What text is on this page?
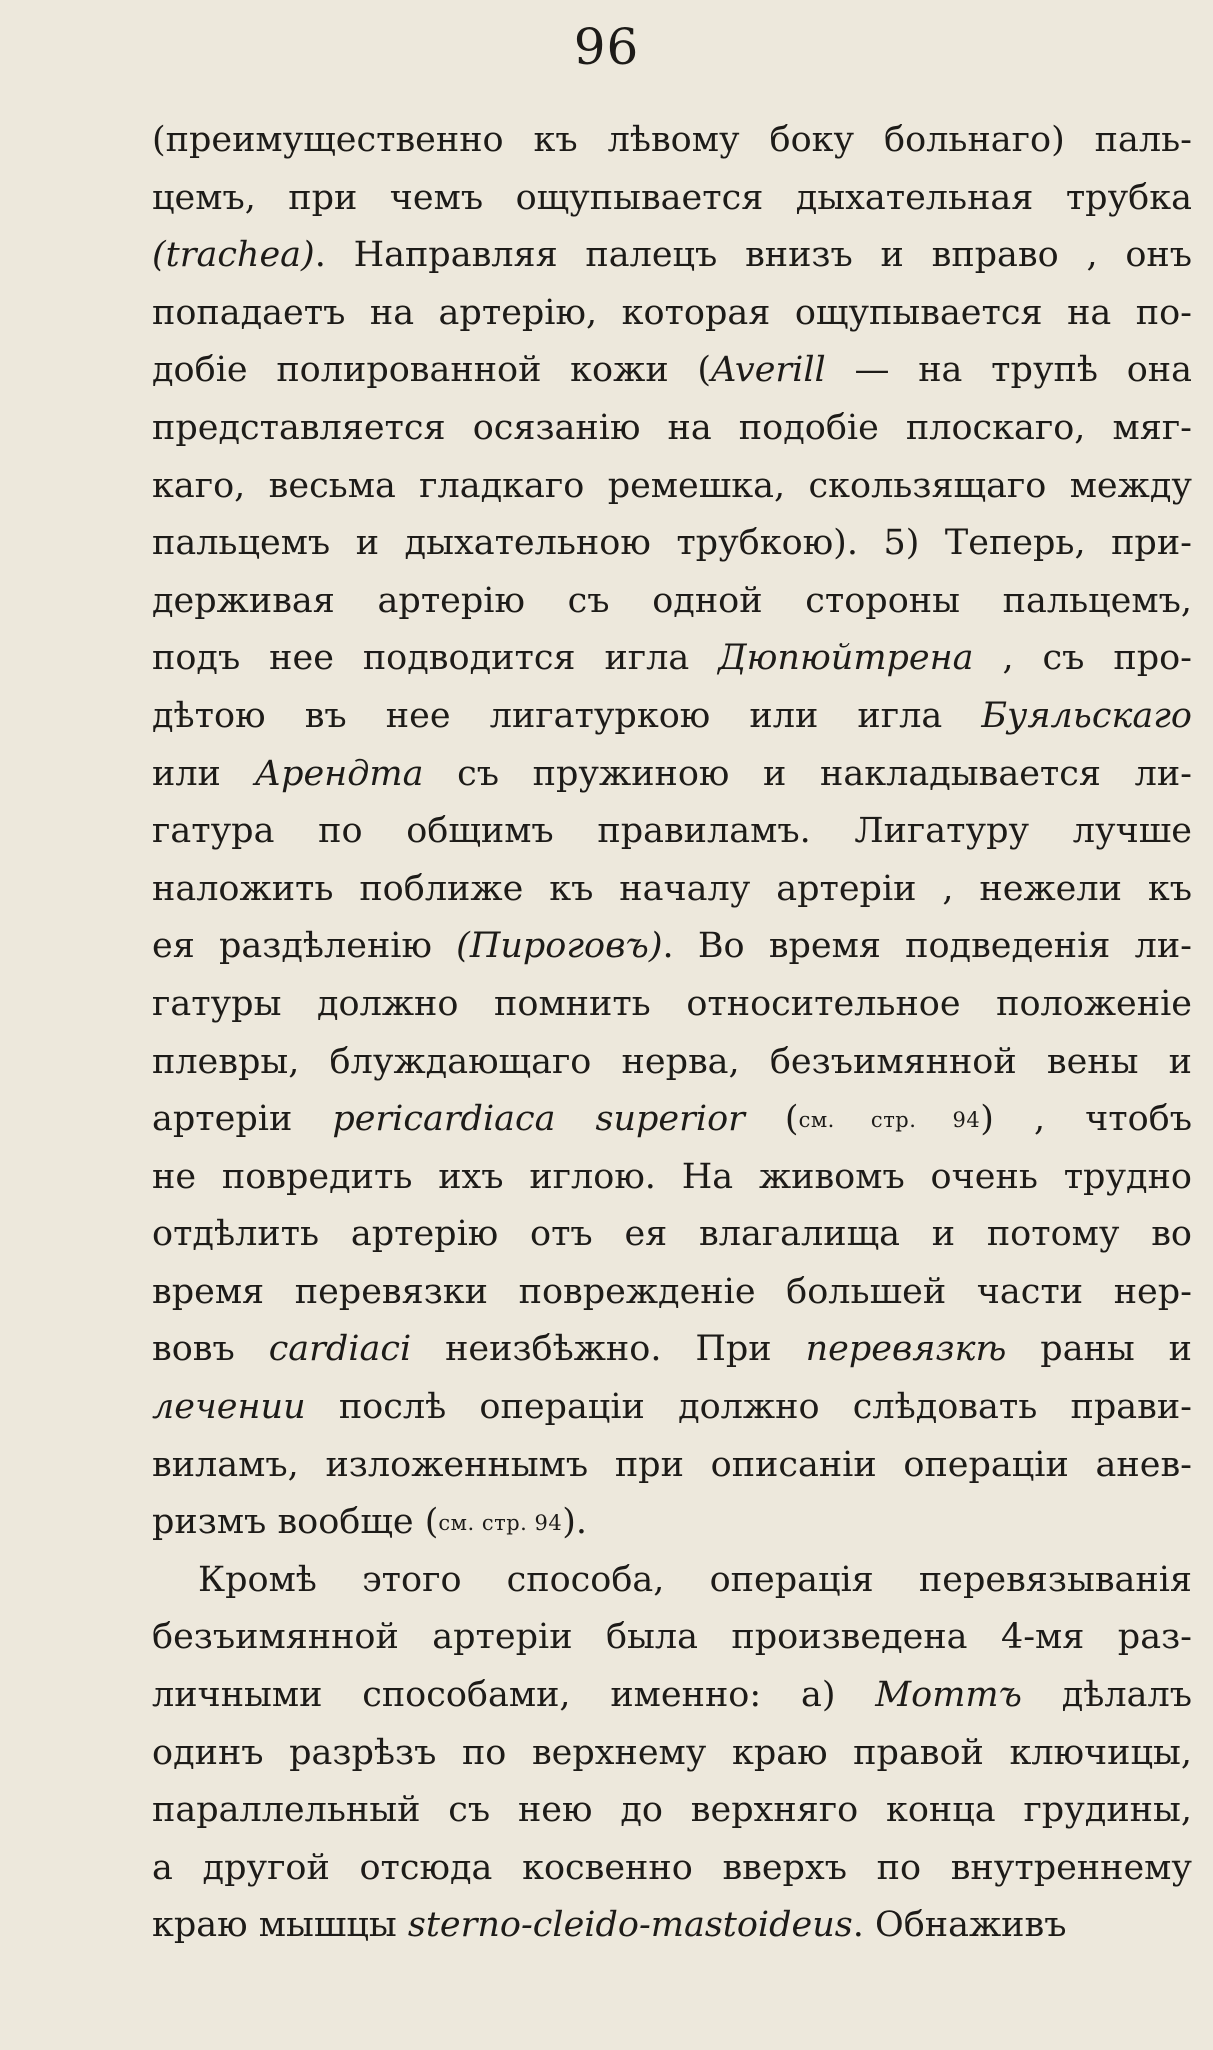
96
(преимущественно къ лѣвому боку больнаго) паль-
цемъ, при чемъ ощупывается дыхательная трубка
(trachea). Направляя палецъ внизъ и вправо , онъ
попадаетъ на артерію, которая ощупывается на по-
добіе полированной кожи (Averill — на трупѣ она
представляется осязанію на подобіе плоскаго, мяг-
каго, весьма гладкаго ремешка, скользящаго между
пальцемъ и дыхательною трубкою). 5) Теперь, при-
держивая артерію съ одной стороны пальцемъ,
подъ нее подводится игла Дюпюйтрена , съ про-
дѣтою въ нее лигатуркою или игла Буяльскаго
или Арендта съ пружиною и накладывается ли-
гатура по общимъ правиламъ. Лигатуру лучше
наложить поближе къ началу артеріи , нежели къ
ея раздѣленію (Пироговъ). Во время подведенія ли-
гатуры должно помнить относительное положеніе
плевры, блуждающаго нерва, безъимянной вены и
артеріи pericardiaca superior (см. стр. 94) , чтобъ
не повредить ихъ иглою. На живомъ очень трудно
отдѣлить артерію отъ ея влагалища и потому во
время перевязки поврежденіе большей части нер-
вовъ cardiaci неизбѣжно. При перевязкѣ раны и
лечении послѣ операціи должно слѣдовать прави-
виламъ, изложеннымъ при описаніи операціи анев-
ризмъ вообще (см. стр. 94).
Кромѣ этого способа, операція перевязыванія
безъимянной артеріи была произведена 4-мя раз-
личными способами, именно: а) Моттъ дѣлалъ
одинъ разрѣзъ по верхнему краю правой ключицы,
параллельный съ нею до верхняго конца грудины,
а другой отсюда косвенно вверхъ по внутреннему
краю мышцы sterno-cleido-mastoideus. Обнаживъ
